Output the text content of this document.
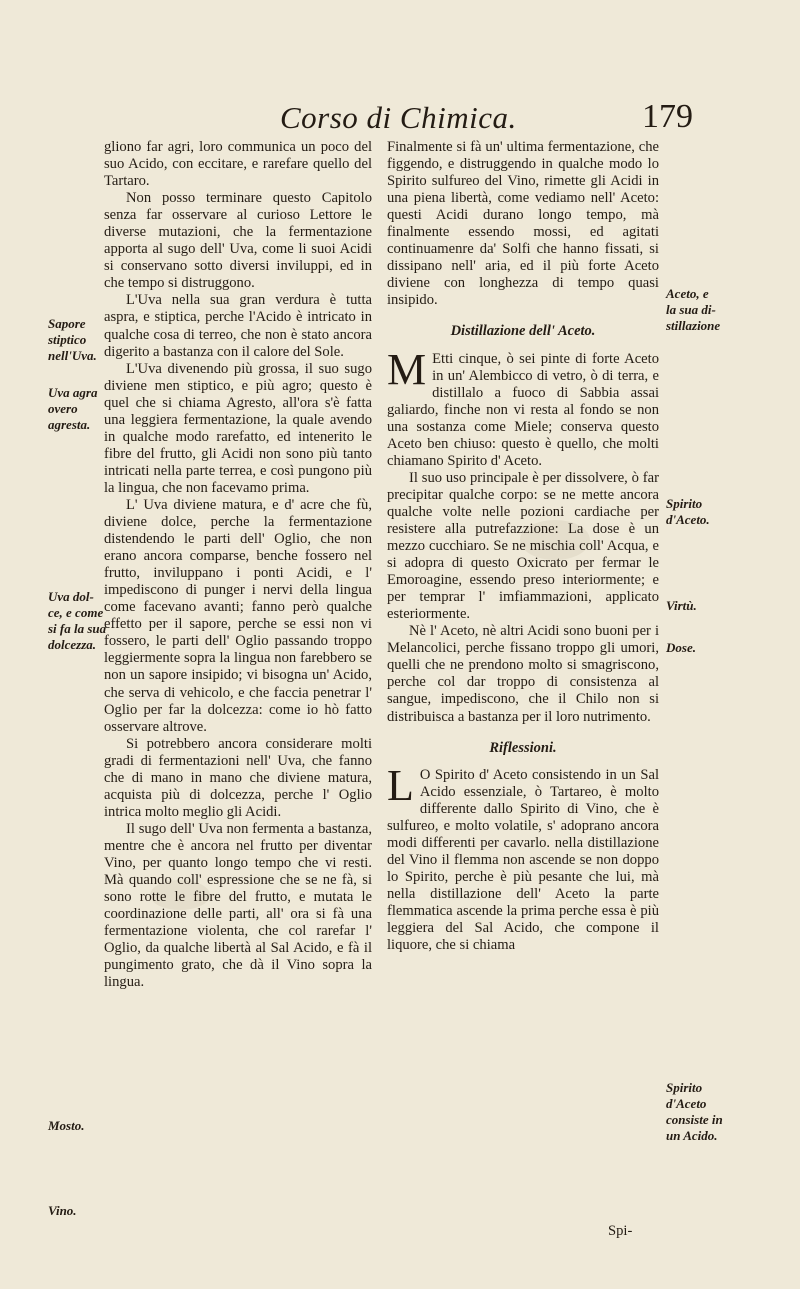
Corso di Chimica.	179
Sapore
stiptico
nell'Uva.
Uva agra
overo
agresta.
Uva dol-
ce, e come
si fa la sua
dolcezza.
Mosto.
Vino.
Aceto, e
la sua di-
stillazione
Spirito
d'Aceto.
Virtù.
Dose.
Spirito
d'Aceto
consiste in
un Acido.

gliono far agri, loro communica un poco del suo Acido, con eccitare, e rarefare quello del Tartaro.

Non posso terminare questo Capitolo senza far osservare al curioso Lettore le diverse mutazioni, che la fermentazione apporta al sugo dell' Uva, come li suoi Acidi si conservano sotto diversi inviluppi, ed in che tempo si distruggono.

L'Uva nella sua gran verdura è tutta aspra, e stiptica, perche l'Acido è intricato in qualche cosa di terreo, che non è stato ancora digerito a bastanza con il calore del Sole.

L'Uva divenendo più grossa, il suo sugo diviene men stiptico, e più agro; questo è quel che si chiama Agresto, all'ora s'è fatta una leggiera fermentazione, la quale avendo in qualche modo rarefatto, ed intenerito le fibre del frutto, gli Acidi non sono più tanto intricati nella parte terrea, e così pungono più la lingua, che non facevamo prima.

L' Uva diviene matura, e d' acre che fù, diviene dolce, perche la fermentazione distendendo le parti dell' Oglio, che non erano ancora comparse, benche fossero nel frutto, inviluppano i ponti Acidi, e l' impediscono di punger i nervi della lingua come facevano avanti; fanno però qualche effetto per il sapore, perche se essi non vi fossero, le parti dell' Oglio passando troppo leggiermente sopra la lingua non farebbero se non un sapore insipido; vi bisogna un' Acido, che serva di vehicolo, e che faccia penetrar l' Oglio per far la dolcezza: come io hò fatto osservare altrove.

Si potrebbero ancora considerare molti gradi di fermentazioni nell' Uva, che fanno che di mano in mano che diviene matura, acquista più di dolcezza, perche l' Oglio intrica molto meglio gli Acidi.

Il sugo dell' Uva non fermenta a bastanza, mentre che è ancora nel frutto per diventar Vino, per quanto longo tempo che vi resti. Mà quando coll' espressione che se ne fà, si sono rotte le fibre del frutto, e mutata le coordinazione delle parti, all' ora si fà una fermentazione violenta, che col rarefar l' Oglio, da qualche libertà al Sal Acido, e fà il pungimento grato, che dà il Vino sopra la lingua.

Finalmente si fà un' ultima fermentazione, che figgendo, e distruggendo in qualche modo lo Spirito sulfureo del Vino, rimette gli Acidi in una piena libertà, come vediamo nell' Aceto: questi Acidi durano longo tempo, mà finalmente essendo mossi, ed agitati continuamenre da' Solfi che hanno fissati, si dissipano nell' aria, ed il più forte Aceto diviene con longhezza di tempo quasi insipido.

Distillazione dell' Aceto.

M Etti cinque, ò sei pinte di forte Aceto in un' Alembicco di vetro, ò di terra, e distillalo a fuoco di Sabbia assai galiardo, finche non vi resta al fondo se non una sostanza come Miele; conserva questo Aceto ben chiuso: questo è quello, che molti chiamano Spirito d' Aceto.

Il suo uso principale è per dissolvere, ò far precipitar qualche corpo: se ne mette ancora qualche volte nelle pozioni cardiache per resistere alla putrefazzione: La dose è un mezzo cucchiaro. Se ne mischia coll' Acqua, e si adopra di questo Oxicrato per fermar le Emoroagine, essendo preso interiormente; e per temprar l' imfiammazioni, applicato esteriormente.

Nè l' Aceto, nè altri Acidi sono buoni per i Melancolici, perche fissano troppo gli umori, quelli che ne prendono molto si smagriscono, perche col dar troppo di consistenza al sangue, impediscono, che il Chilo non si distribuisca a bastanza per il loro nutrimento.

Riflessioni.

L O Spirito d' Aceto consistendo in un Sal Acido essenziale, ò Tartareo, è molto differente dallo Spirito di Vino, che è sulfureo, e molto volatile, s' adoprano ancora modi differenti per cavarlo. nella distillazione del Vino il flemma non ascende se non doppo lo Spirito, perche è più pesante che lui, mà nella distillazione dell' Aceto la parte flemmatica ascende la prima perche essa è più leggiera del Sal Acido, che compone il liquore, che si chiama

Spi-
